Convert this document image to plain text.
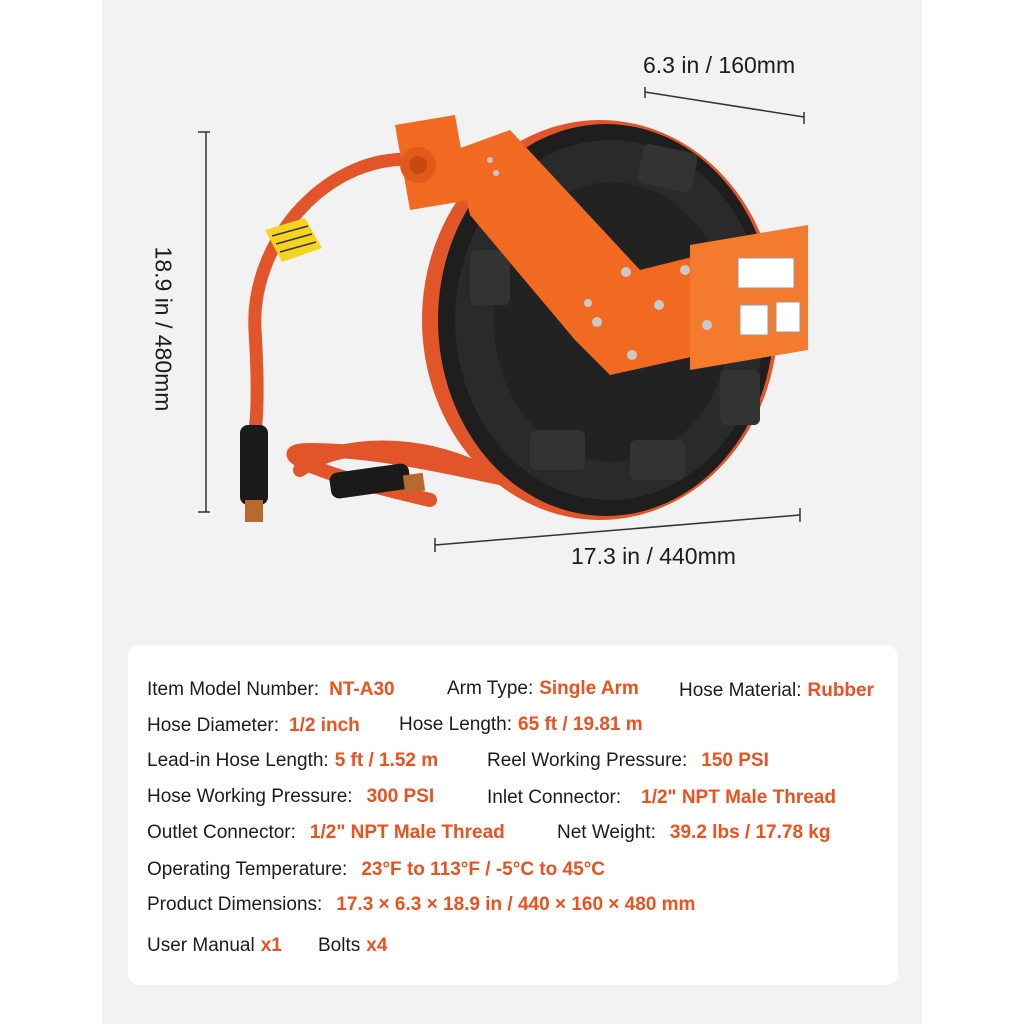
6.3 in / 160mm
18.9 in / 480mm
17.3 in / 440mm
Item Model Number: NT-A30	Arm Type: Single Arm Hose Material: Rubber
Hose Diameter: 1/2 inch Hose Length: 65 ft / 19.81 m
Lead-in Hose Length: 5 ft / 1.52 m	Reel Working Pressure: 150 PSI
Hose Working Pressure: 300 PSI	Inlet Connector: 1/2" NPT Male Thread
Outlet Connector: 1/2" NPT Male Thread	Net Weight: 39.2 lbs / 17.78 kg
Operating Temperature: 23°F to 113°F / -5°C to 45°C
Product Dimensions: 17.3 × 6.3 × 18.9 in / 440 × 160 × 480 mm
User Manual x1 Bolts x4
